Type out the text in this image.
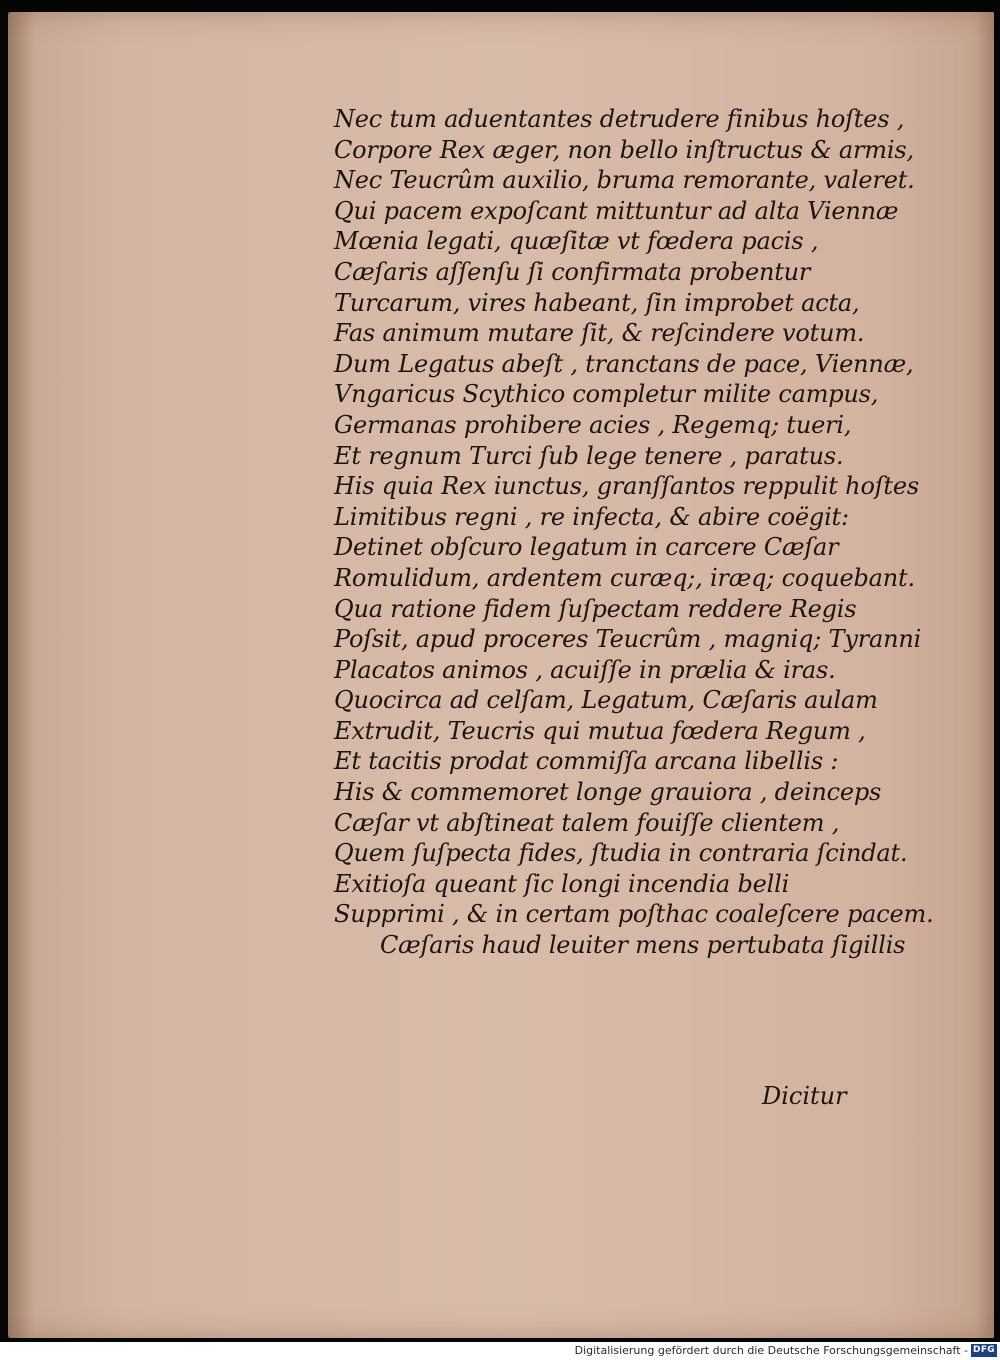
Nec tum aduentantes detrudere finibus hoſtes ,
Corpore Rex æger, non bello inſtructus & armis,
Nec Teucrûm auxilio, bruma remorante, valeret.
Qui pacem expoſcant mittuntur ad alta Viennæ
Mœnia legati, quæſitæ vt fœdera pacis ,
Cæſaris aſſenſu ſi confirmata probentur
Turcarum, vires habeant, ſin improbet acta,
Fas animum mutare ſit, & reſcindere votum.
Dum Legatus abeſt , tranctans de pace, Viennæ,
Vngaricus Scythico completur milite campus,
Germanas prohibere acies , Regemq; tueri,
Et regnum Turci ſub lege tenere , paratus.
His quia Rex iunctus, granſſantos reppulit hoſtes
Limitibus regni , re infecta, & abire coëgit:
Detinet obſcuro legatum in carcere Cæſar
Romulidum, ardentem curæq;, iræq; coquebant.
Qua ratione fidem ſuſpectam reddere Regis
Poſsit, apud proceres Teucrûm , magniq; Tyranni
Placatos animos , acuiſſe in prælia & iras.
Quocirca ad celſam, Legatum, Cæſaris aulam
Extrudit, Teucris qui mutua fœdera Regum ,
Et tacitis prodat commiſſa arcana libellis :
His & commemoret longe grauiora , deinceps
Cæſar vt abſtineat talem fouiſſe clientem ,
Quem ſuſpecta fides, ſtudia in contraria ſcindat.
Exitioſa queant ſic longi incendia belli
Supprimi , & in certam poſthac coaleſcere pacem.
Cæſaris haud leuiter mens pertubata ſigillis
Dicitur
Digitalisierung gefördert durch die Deutsche Forschungsgemeinschaft - DFG
